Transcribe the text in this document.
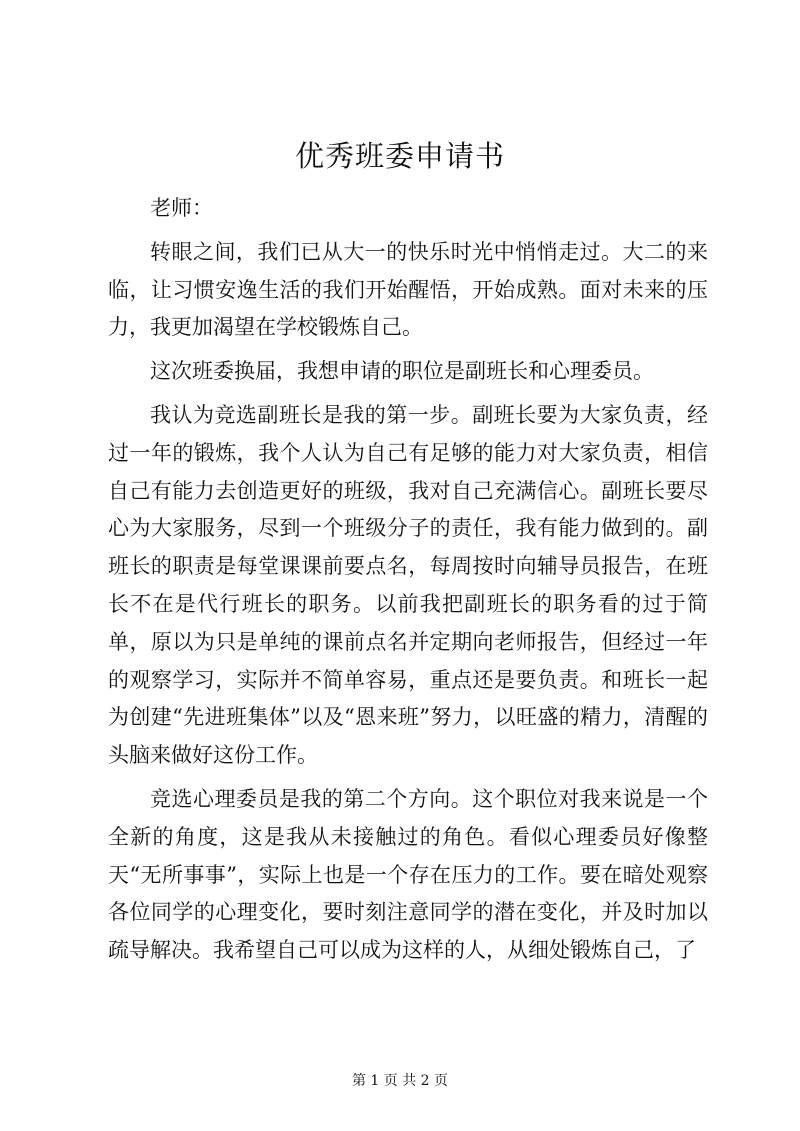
优秀班委申请书

老师：

转眼之间，我们已从大一的快乐时光中悄悄走过。大二的来临，让习惯安逸生活的我们开始醒悟，开始成熟。面对未来的压力，我更加渴望在学校锻炼自己。

这次班委换届，我想申请的职位是副班长和心理委员。

我认为竞选副班长是我的第一步。副班长要为大家负责，经过一年的锻炼，我个人认为自己有足够的能力对大家负责，相信自己有能力去创造更好的班级，我对自己充满信心。副班长要尽心为大家服务，尽到一个班级分子的责任，我有能力做到的。副班长的职责是每堂课课前要点名，每周按时向辅导员报告，在班长不在是代行班长的职务。以前我把副班长的职务看的过于简单，原以为只是单纯的课前点名并定期向老师报告，但经过一年的观察学习，实际并不简单容易，重点还是要负责。和班长一起为创建“先进班集体”以及“恩来班”努力，以旺盛的精力，清醒的头脑来做好这份工作。

竞选心理委员是我的第二个方向。这个职位对我来说是一个全新的角度，这是我从未接触过的角色。看似心理委员好像整天“无所事事”，实际上也是一个存在压力的工作。要在暗处观察各位同学的心理变化，要时刻注意同学的潜在变化，并及时加以疏导解决。我希望自己可以成为这样的人，从细处锻炼自己，了

第 1 页 共 2 页
